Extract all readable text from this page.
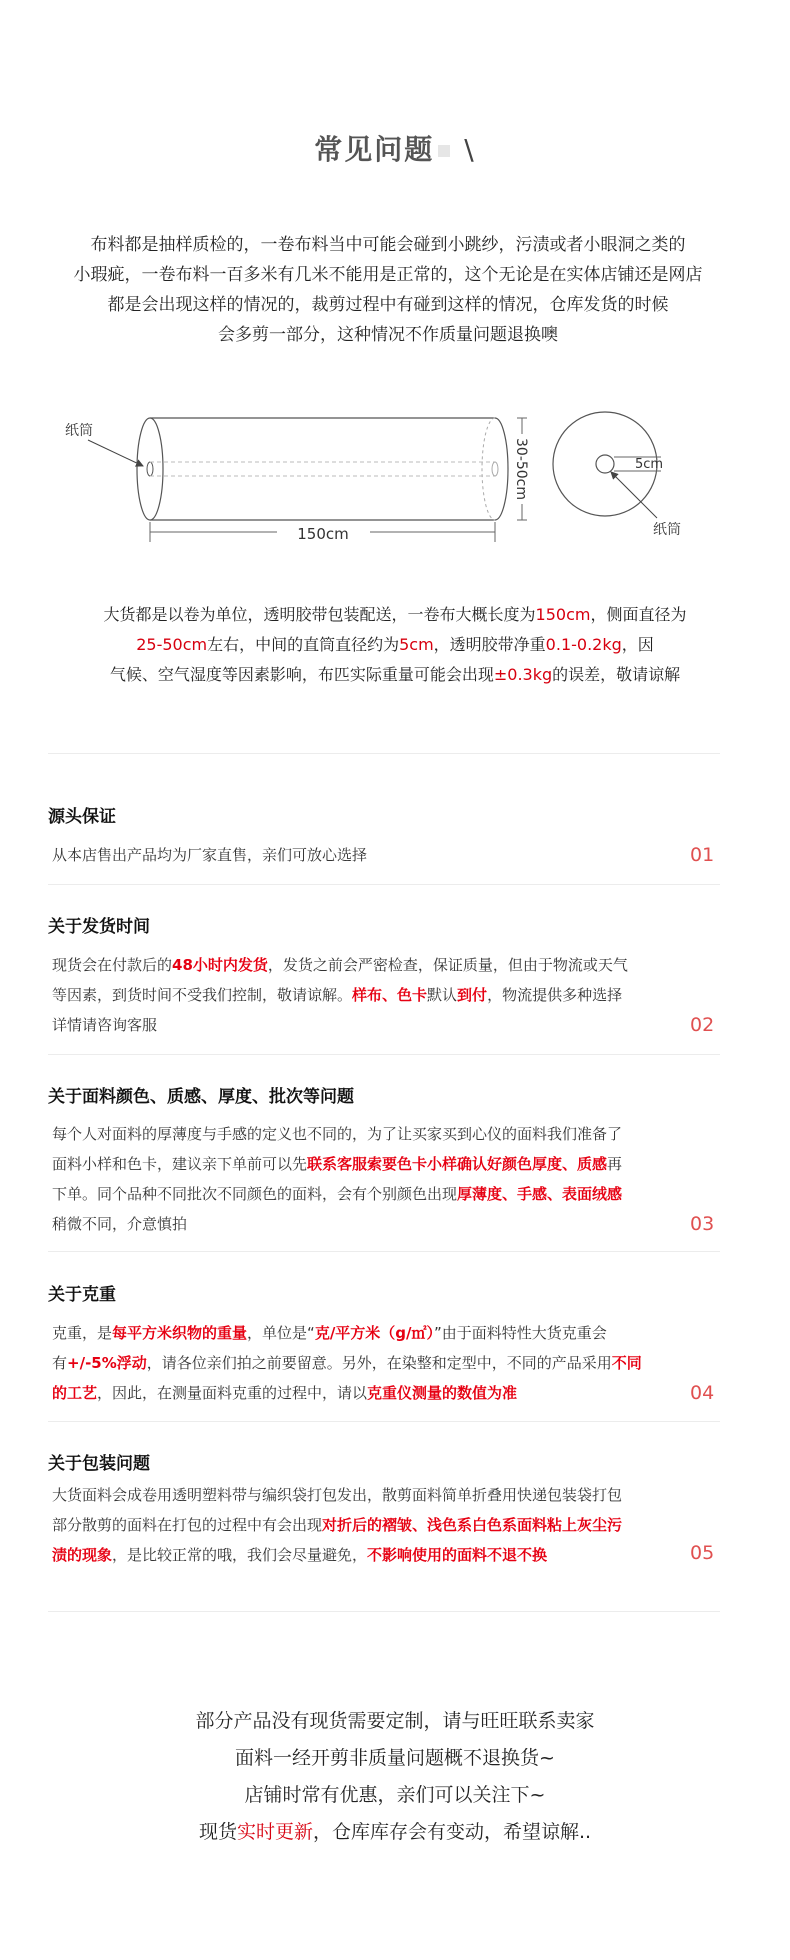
常见问题 \

布料都是抽样质检的，一卷布料当中可能会碰到小跳纱，污渍或者小眼洞之类的

小瑕疵，一卷布料一百多米有几米不能用是正常的，这个无论是在实体店铺还是网店

都是会出现这样的情况的，裁剪过程中有碰到这样的情况，仓库发货的时候

会多剪一部分，这种情况不作质量问题退换噢

纸筒
150cm
30-50cm	5cm
纸筒

大货都是以卷为单位，透明胶带包装配送，一卷布大概长度为150cm，侧面直径为

25-50cm左右，中间的直筒直径约为5cm，透明胶带净重0.1-0.2kg，因

气候、空气湿度等因素影响，布匹实际重量可能会出现±0.3kg的误差，敬请谅解

源头保证

从本店售出产品均为厂家直售，亲们可放心选择	01
关于发货时间

现货会在付款后的48小时内发货，发货之前会严密检查，保证质量，但由于物流或天气

等因素，到货时间不受我们控制，敬请谅解。样布、色卡默认到付，物流提供多种选择

详情请咨询客服	02
关于面料颜色、质感、厚度、批次等问题

每个人对面料的厚薄度与手感的定义也不同的，为了让买家买到心仪的面料我们准备了

面料小样和色卡，建议亲下单前可以先联系客服索要色卡小样确认好颜色厚度、质感再

下单。同个品种不同批次不同颜色的面料，会有个别颜色出现厚薄度、手感、表面绒感

稍微不同，介意慎拍	03
关于克重

克重，是每平方米织物的重量，单位是“克/平方米（g/㎡）”由于面料特性大货克重会

有+/-5%浮动，请各位亲们拍之前要留意。另外，在染整和定型中，不同的产品采用不同

的工艺，因此，在测量面料克重的过程中，请以克重仪测量的数值为准	04
关于包装问题

大货面料会成卷用透明塑料带与编织袋打包发出，散剪面料简单折叠用快递包装袋打包

部分散剪的面料在打包的过程中有会出现对折后的褶皱、浅色系白色系面料粘上灰尘污

渍的现象，是比较正常的哦，我们会尽量避免，不影响使用的面料不退不换	05

部分产品没有现货需要定制，请与旺旺联系卖家

面料一经开剪非质量问题概不退换货~

店铺时常有优惠，亲们可以关注下~

现货实时更新，仓库库存会有变动，希望谅解..
